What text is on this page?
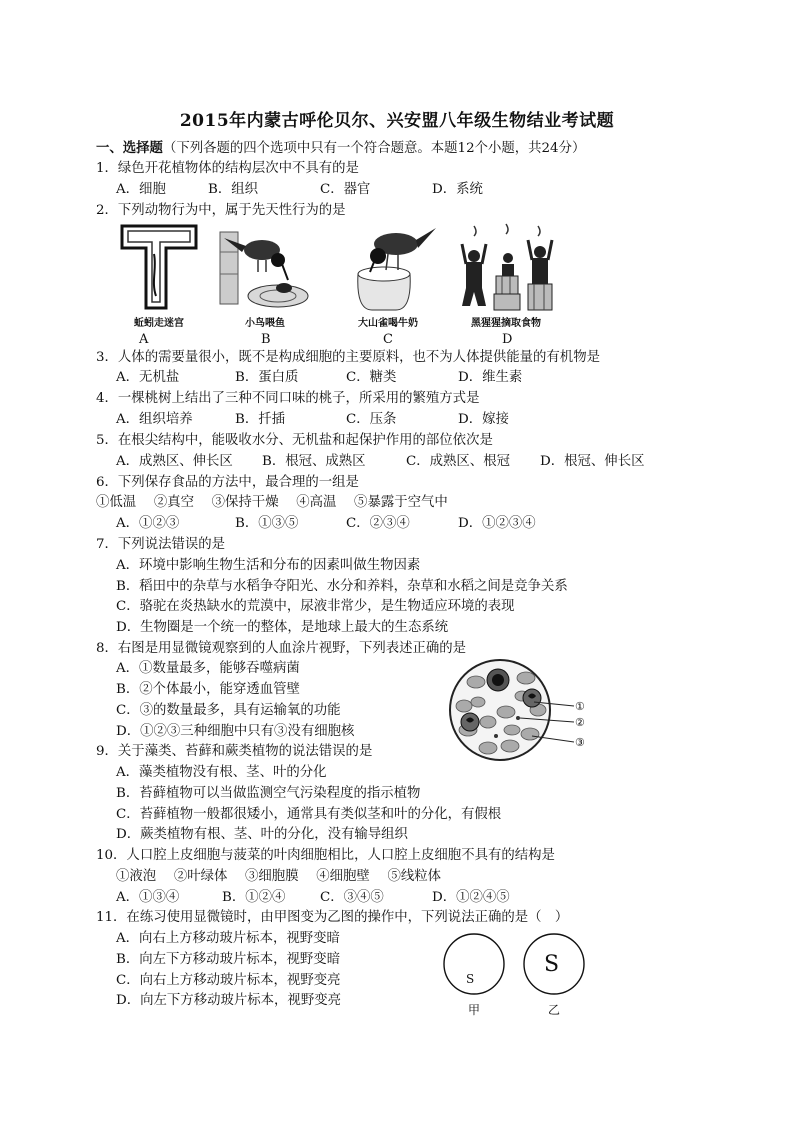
2015年内蒙古呼伦贝尔、兴安盟八年级生物结业考试题
一、选择题（下列各题的四个选项中只有一个符合题意。本题12个小题，共24分）
1．绿色开花植物体的结构层次中不具有的是
A．细胞	B．组织	C．器官	D．系统
2．下列动物行为中，属于先天性行为的是
蚯蚓走迷宫	小鸟喂鱼	大山雀喝牛奶	黑猩猩摘取食物
A	B	C	D
3．人体的需要量很小，既不是构成细胞的主要原料，也不为人体提供能量的有机物是
A．无机盐	B．蛋白质	C．糖类	D．维生素
4．一棵桃树上结出了三种不同口味的桃子，所采用的繁殖方式是
A．组织培养	B．扦插	C．压条	D．嫁接
5．在根尖结构中，能吸收水分、无机盐和起保护作用的部位依次是
A．成熟区、伸长区 B．根冠、成熟区	C．成熟区、根冠 D．根冠、伸长区
6．下列保存食品的方法中，最合理的一组是
①低温　 ②真空　 ③保持干燥　 ④高温　 ⑤暴露于空气中
A．①②③	B．①③⑤	C．②③④	D．①②③④
7．下列说法错误的是
A．环境中影响生物生活和分布的因素叫做生物因素
B．稻田中的杂草与水稻争夺阳光、水分和养料，杂草和水稻之间是竞争关系
C．骆驼在炎热缺水的荒漠中，尿液非常少，是生物适应环境的表现
D．生物圈是一个统一的整体，是地球上最大的生态系统
8．右图是用显微镜观察到的人血涂片视野，下列表述正确的是
A．①数量最多，能够吞噬病菌
B．②个体最小，能穿透血管壁
C．③的数量最多，具有运输氧的功能
D．①②③三种细胞中只有③没有细胞核
①
②
③
9．关于藻类、苔藓和蕨类植物的说法错误的是
A．藻类植物没有根、茎、叶的分化
B．苔藓植物可以当做监测空气污染程度的指示植物
C．苔藓植物一般都很矮小，通常具有类似茎和叶的分化，有假根
D．蕨类植物有根、茎、叶的分化，没有输导组织
10．人口腔上皮细胞与菠菜的叶肉细胞相比，人口腔上皮细胞不具有的结构是
①液泡　 ②叶绿体　 ③细胞膜　 ④细胞壁　 ⑤线粒体
A．①③④	B．①②④	C．③④⑤	D．①②④⑤
11．在练习使用显微镜时，由甲图变为乙图的操作中，下列说法正确的是（　）
A．向右上方移动玻片标本，视野变暗
B．向左下方移动玻片标本，视野变暗
C．向右上方移动玻片标本，视野变亮
D．向左下方移动玻片标本，视野变亮
S
S
甲	乙
